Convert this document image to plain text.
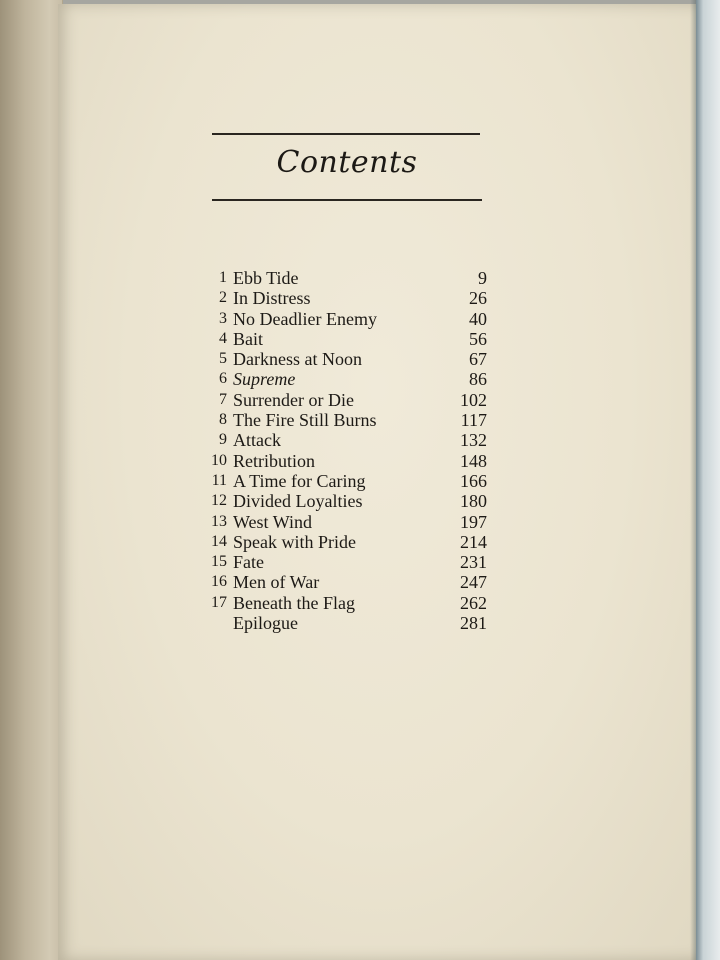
Contents
1 Ebb Tide	9
2 In Distress	26
3 No Deadlier Enemy	40
4 Bait	56
5 Darkness at Noon	67
6 Supreme	86
7 Surrender or Die	102
8 The Fire Still Burns	117
9 Attack	132
10 Retribution	148
11 A Time for Caring	166
12 Divided Loyalties	180
13 West Wind	197
14 Speak with Pride	214
15 Fate	231
16 Men of War	247
17 Beneath the Flag	262
Epilogue	281
